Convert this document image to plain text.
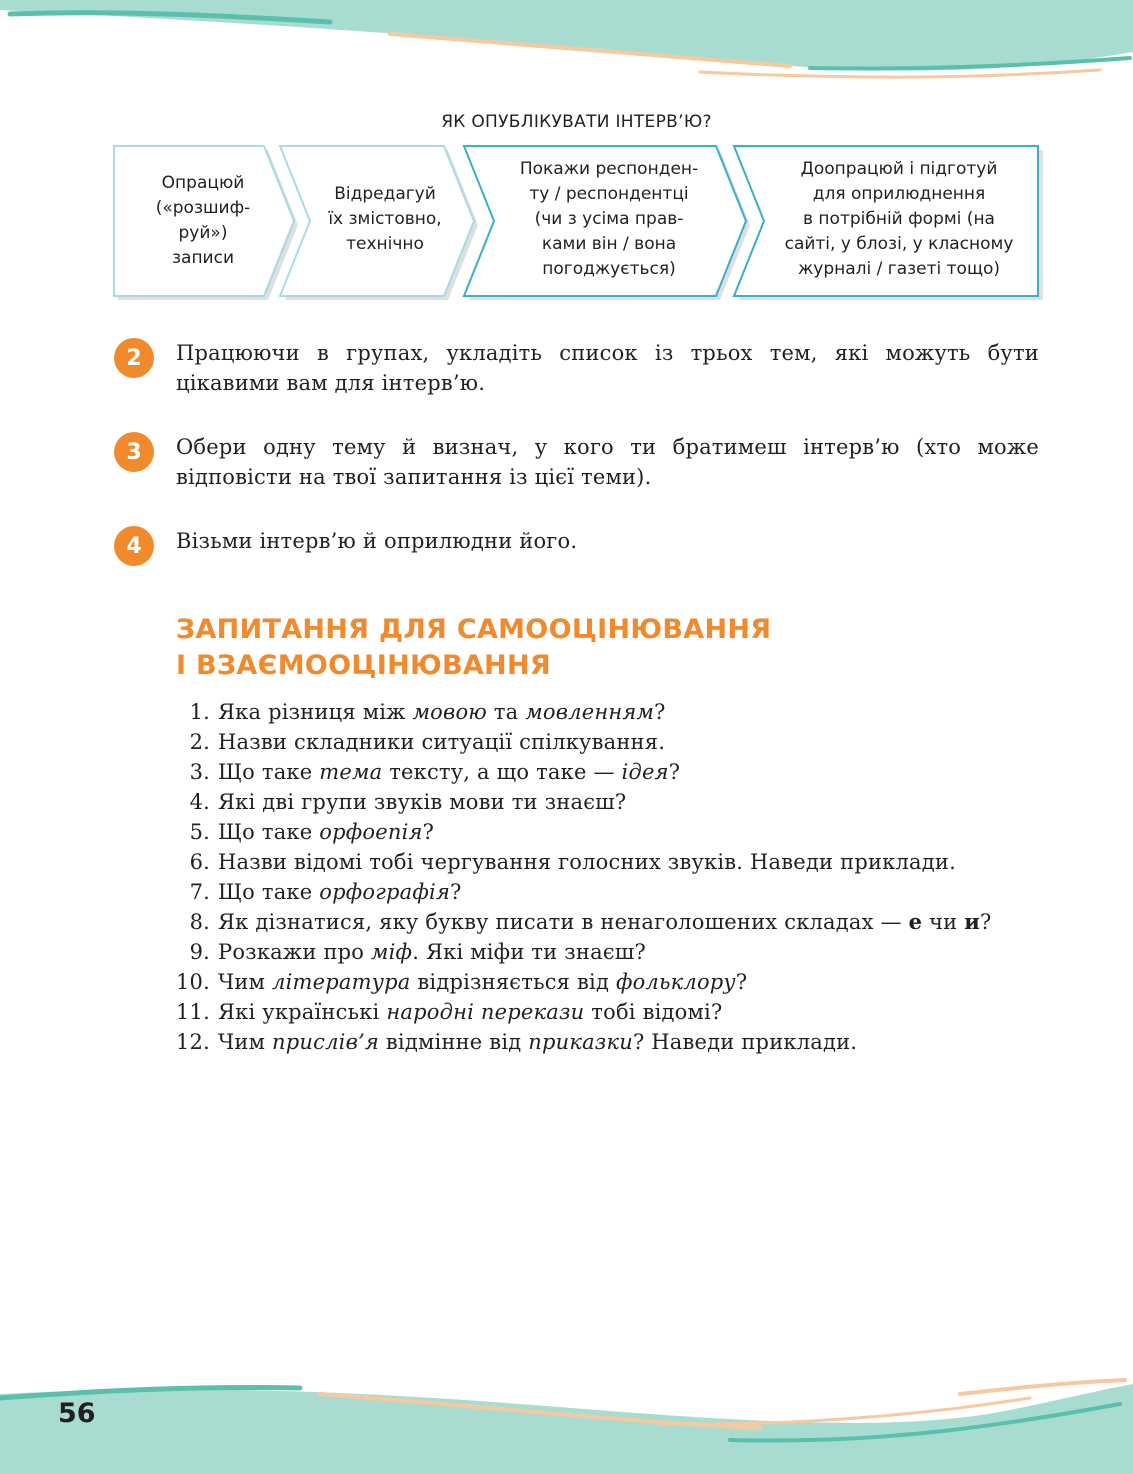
ЯК ОПУБЛІКУВАТИ ІНТЕРВ’Ю?
Опрацюй
(«розшиф-
руй»)
записи
Відредагуй
їх змістовно,
технічно
Покажи респонден-
ту / респондентці
(чи з усіма прав-
ками він / вона
погоджується)
Доопрацюй і підготуй
для оприлюднення
в потрібній формі (на
сайті, у блозі, у класному
журналі / газеті тощо)
2	Працюючи в групах, укладіть список із трьох тем, які можуть бути цікавими вам для інтерв’ю.
3	Обери одну тему й визнач, у кого ти братимеш інтерв’ю (хто може відповісти на твої запитання із цієї теми).
4	Візьми інтерв’ю й оприлюдни його.
ЗАПИТАННЯ ДЛЯ САМООЦІНЮВАННЯ
І ВЗАЄМООЦІНЮВАННЯ
1. Яка різниця між мовою та мовленням?
2. Назви складники ситуації спілкування.
3. Що таке тема тексту, а що таке — ідея?
4. Які дві групи звуків мови ти знаєш?
5. Що таке орфоепія?
6. Назви відомі тобі чергування голосних звуків. Наведи приклади.
7. Що таке орфографія?
8. Як дізнатися, яку букву писати в ненаголошених складах — е чи и?
9. Розкажи про міф. Які міфи ти знаєш?
10. Чим література відрізняється від фольклору?
11. Які українські народні перекази тобі відомі?
12. Чим прислів’я відмінне від приказки? Наведи приклади.
56
